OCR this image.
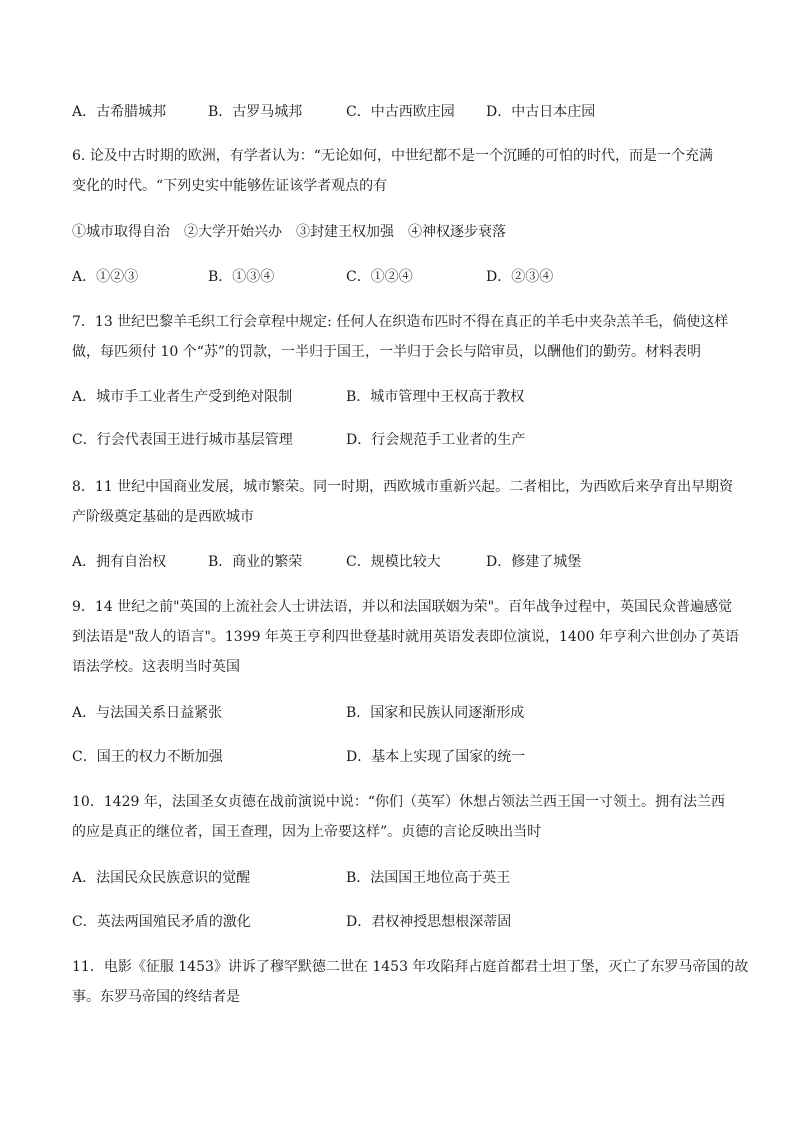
A．古希腊城邦	B．古罗马城邦	C．中古西欧庄园 D．中古日本庄园
6. 论及中古时期的欧洲，有学者认为：“无论如何，中世纪都不是一个沉睡的可怕的时代，而是一个充满
变化的时代。“下列史实中能够佐证该学者观点的有
①城市取得自治　②大学开始兴办　③封建王权加强　④神权逐步衰落
A．①②③	B．①③④	C．①②④	D．②③④
7．13 世纪巴黎羊毛织工行会章程中规定: 任何人在织造布匹时不得在真正的羊毛中夹杂羔羊毛，倘使这样
做，每匹须付 10 个“苏”的罚款，一半归于国王，一半归于会长与陪审员，以酬他们的勤劳。材料表明
A．城市手工业者生产受到绝对限制	B．城市管理中王权高于教权
C．行会代表国王进行城市基层管理	D．行会规范手工业者的生产
8．11 世纪中国商业发展，城市繁荣。同一时期，西欧城市重新兴起。二者相比，为西欧后来孕育出早期资
产阶级奠定基础的是西欧城市
A．拥有自治权	B．商业的繁荣	C．规模比较大	D．修建了城堡
9．14 世纪之前"英国的上流社会人士讲法语，并以和法国联姻为荣"。百年战争过程中，英国民众普遍感觉
到法语是"敌人的语言"。1399 年英王亨利四世登基时就用英语发表即位演说，1400 年亨利六世创办了英语
语法学校。这表明当时英国
A．与法国关系日益紧张	B．国家和民族认同逐渐形成
C．国王的权力不断加强	D．基本上实现了国家的统一
10．1429 年，法国圣女贞德在战前演说中说：“你们（英军）休想占领法兰西王国一寸领土。拥有法兰西
的应是真正的继位者，国王查理，因为上帝要这样”。贞德的言论反映出当时
A．法国民众民族意识的觉醒	B．法国国王地位高于英王
C．英法两国殖民矛盾的激化	D．君权神授思想根深蒂固
11．电影《征服 1453》讲诉了穆罕默德二世在 1453 年攻陷拜占庭首都君士坦丁堡，灭亡了东罗马帝国的故
事。东罗马帝国的终结者是
